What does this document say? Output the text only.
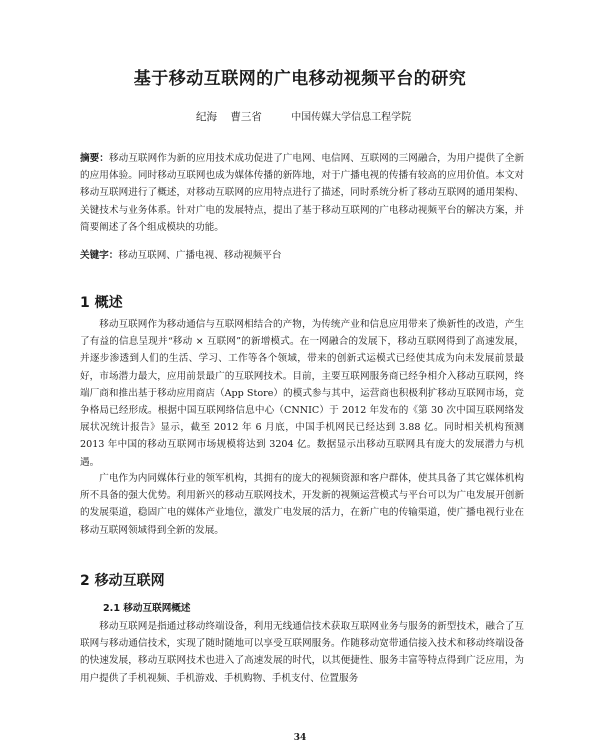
基于移动互联网的广电移动视频平台的研究
纪海 曹三省	中国传媒大学信息工程学院
摘要：移动互联网作为新的应用技术成功促进了广电网、电信网、互联网的三网融合，为用户提供了全新的应用体验。同时移动互联网也成为媒体传播的新阵地，对于广播电视的传播有较高的应用价值。本文对移动互联网进行了概述，对移动互联网的应用特点进行了描述，同时系统分析了移动互联网的通用架构、关键技术与业务体系。针对广电的发展特点，提出了基于移动互联网的广电移动视频平台的解决方案，并简要阐述了各个组成模块的功能。
关键字：移动互联网、广播电视、移动视频平台
1 概述
移动互联网作为移动通信与互联网相结合的产物，为传统产业和信息应用带来了焕新性的改造，产生了有益的信息呈现并“移动 × 互联网”的新增模式。在一网融合的发展下，移动互联网得到了高速发展，并逐步渗透到人们的生活、学习、工作等各个领域，带来的创新式运模式已经使其成为向未发展前景最好，市场潜力最大，应用前景最广的互联网技术。目前，主要互联网服务商已经争相介入移动互联网，终端厂商和推出基于移动应用商店（App Store）的模式参与其中，运营商也积极利扩移动互联网市场，竞争格局已经形成。根据中国互联网络信息中心（CNNIC）于 2012 年发布的《第 30 次中国互联网络发展状况统计报告》显示，截至 2012 年 6 月底，中国手机网民已经达到 3.88 亿。同时相关机构预测 2013 年中国的移动互联网市场规模将达到 3204 亿。数据显示出移动互联网具有庞大的发展潜力与机遇。
广电作为内同媒体行业的领军机构，其拥有的庞大的视频资源和客户群体，使其具备了其它媒体机构所不具备的强大优势。利用新兴的移动互联网技术，开发新的视频运营模式与平台可以为广电发展开创新的发展渠道，稳固广电的媒体产业地位，激发广电发展的活力，在新广电的传输渠道，使广播电视行业在移动互联网领域得到全新的发展。
2 移动互联网
2.1 移动互联网概述
移动互联网是指通过移动终端设备，利用无线通信技术获取互联网业务与服务的新型技术，融合了互联网与移动通信技术，实现了随时随地可以享受互联网服务。作随移动宽带通信接入技术和移动终端设备的快速发展，移动互联网技术也进入了高速发展的时代，以其便捷性、服务丰富等特点得到广泛应用，为用户提供了手机视频、手机游戏、手机购物、手机支付、位置服务
34
